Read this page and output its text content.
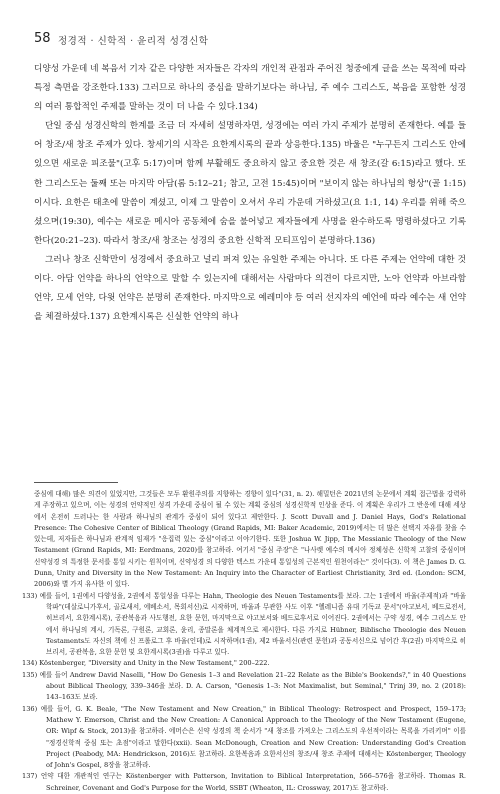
58 정경적 · 신학적 · 윤리적 성경신학

디양성 가운데 네 복음서 기자 같은 다양한 저자들은 각자의 개인적 관점과 주어진 청중에게 글을 쓰는 목적에 따라 특정 측면을 강조한다.133) 그러므로 하나의 중심을 말하기보다는 하나님, 주 예수 그리스도, 복음을 포함한 성경의 여러 통합적인 주제를 말하는 것이 더 나을 수 있다.134)

단일 중심 성경신학의 한계를 조금 더 자세히 설명하자면, 성경에는 여러 가지 주제가 분명히 존재한다. 예를 들어 창조/새 창조 주제가 있다. 창세기의 시작은 요한계시록의 끝과 상응한다.135) 바울은 "누구든지 그리스도 안에 있으면 새로운 피조물"(고후 5:17)이며 함께 부활해도 중요하지 않고 중요한 것은 새 창조(갈 6:15)라고 했다. 또한 그리스도는 둘째 또는 마지막 아담(롬 5:12–21; 참고, 고전 15:45)이며 "보이지 않는 하나님의 형상"(골 1:15)이시다. 요한은 태초에 말씀이 계셨고, 이제 그 말씀이 오셔서 우리 가운데 거하셨고(요 1:1, 14) 우리를 위해 죽으셨으며(19:30), 예수는 새로운 메시아 공동체에 숨을 불어넣고 제자들에게 사명을 완수하도록 명령하셨다고 기록한다(20:21–23). 따라서 창조/새 창조는 성경의 중요한 신학적 모티프임이 분명하다.136)

그러나 창조 신학만이 성경에서 중요하고 널리 퍼져 있는 유일한 주제는 아니다. 또 다른 주제는 언약에 대한 것이다. 아담 언약을 하나의 언약으로 말할 수 있는지에 대해서는 사람마다 의견이 다르지만, 노아 언약과 아브라함 언약, 모세 언약, 다윗 언약은 분명히 존재한다. 마지막으로 예레미야 등 여러 선지자의 예언에 따라 예수는 새 언약을 체결하셨다.137) 요한계시록은 신실한 언약의 하나

중심에 대해) 많은 의견이 있었지만, 그것들은 모두 환원주의를 지향하는 경향이 있다"(31, n. 2). 해밀턴은 2021년의 논문에서 계획 접근법을 강력하게 주장하고 있으며, 이는 성경의 언약적인 성격 가운데 중심이 될 수 있는 계획 중심의 성경신학적 인상을 준다. 이 계획은 우리가 그 반응에 대해 세상에서 온전히 드러나는 한 사람과 하나님의 관계가 중심이 되어 있다고 제안한다. J. Scott Duvall and J. Daniel Hays, God's Relational Presence: The Cohesive Center of Biblical Theology (Grand Rapids, MI: Baker Academic, 2019)에서는 더 많은 선택지 자유를 찾을 수 있는데, 저자들은 하나님과 관계적 임재가 "응집력 있는 중심"이라고 이야기한다. 또한 Joshua W. Jipp, The Messianic Theology of the New Testament (Grand Rapids, MI: Eerdmans, 2020)를 참고하라. 여기서 "중심 주장"은 "나사렛 예수의 메시아 정체성은 신학적 고찰의 중심이며 신약성경 의 특정한 문서를 통일 시키는 원칙이며, 신약성경 의 다양한 텍스트 가운데 통일성의 근본적인 원천이라는" 것이다(3). 이 책은 James D. G. Dunn, Unity and Diversity in the New Testament: An Inquiry into the Character of Earliest Christianity, 3rd ed. (London: SCM, 2006)와 별 가지 유사한 이 있다.

133) 예를 들어, 1권에서 다양성을, 2권에서 통일성을 다루는 Hahn, Theologie des Neuen Testaments를 보라. 그는 1권에서 바울(주제적)과 "바울 학파"(데살로니가후서, 골로새서, 에베소서, 목회서신)로 시작하며, 바울과 무관한 사도 이후 "헬레니즘 유대 기독교 문서"(야고보서, 베드로전서, 히브리서, 요한계시록), 공관복음과 사도행전, 요한 문헌, 마지막으로 야고보서와 베드로후서로 이어진다. 2권에서는 구약 성경, 예수 그리스도 안에서 하나님의 계시, 기독론, 구원론, 교회론, 윤리, 종말론을 체계적으로 제시한다. 다른 가지로 Hübner, Biblische Theologie des Neuen Testaments도 자신의 책에 신 프롤로그 후 바울(인데)로 시작하며(1권), 제2 바울서신(관련 문헌)과 공동서신으로 넘어간 후(2권) 마지막으로 히브리서, 공관복음, 요한 문헌 및 요한계시록(3권)을 다루고 있다.

134) Köstenberger, "Diversity and Unity in the New Testament," 200–222.

135) 예를 들어 Andrew David Naselli, "How Do Genesis 1–3 and Revelation 21–22 Relate as the Bible's Bookends?," in 40 Questions about Biblical Theology, 339–346을 보라. D. A. Carson, "Genesis 1–3: Not Maximalist, but Seminal," Trinj 39, no. 2 (2018): 143–163도 보라.

136) 예를 들어, G. K. Beale, "The New Testament and New Creation," in Biblical Theology: Retrospect and Prospect, 159–173; Mathew Y. Emerson, Christ and the New Creation: A Canonical Approach to the Theology of the New Testament (Eugene, OR: Wipf & Stock, 2013)을 참고하라. 에머슨은 신약 성경의 책 순서가 "새 창조를 가져오는 그리스도의 우선적이라는 목록을 가리키며" 이를 "정경신학적 중심 또는 초점"이라고 말한다(xxii). Sean McDonough, Creation and New Creation: Understanding God's Creation Project (Peabody, MA: Hendrickson, 2016)도 참고하라. 요한복음과 요한서신의 창조/새 창조 주제에 대해서는 Köstenberger, Theology of John's Gospel, 8장을 참고하라.

137) 언약 대한 개관적인 연구는 Köstenberger with Patterson, Invitation to Biblical Interpretation, 566–576을 참고하라. Thomas R. Schreiner, Covenant and God's Purpose for the World, SSBT (Wheaton, IL: Crossway, 2017)도 참고하라.
